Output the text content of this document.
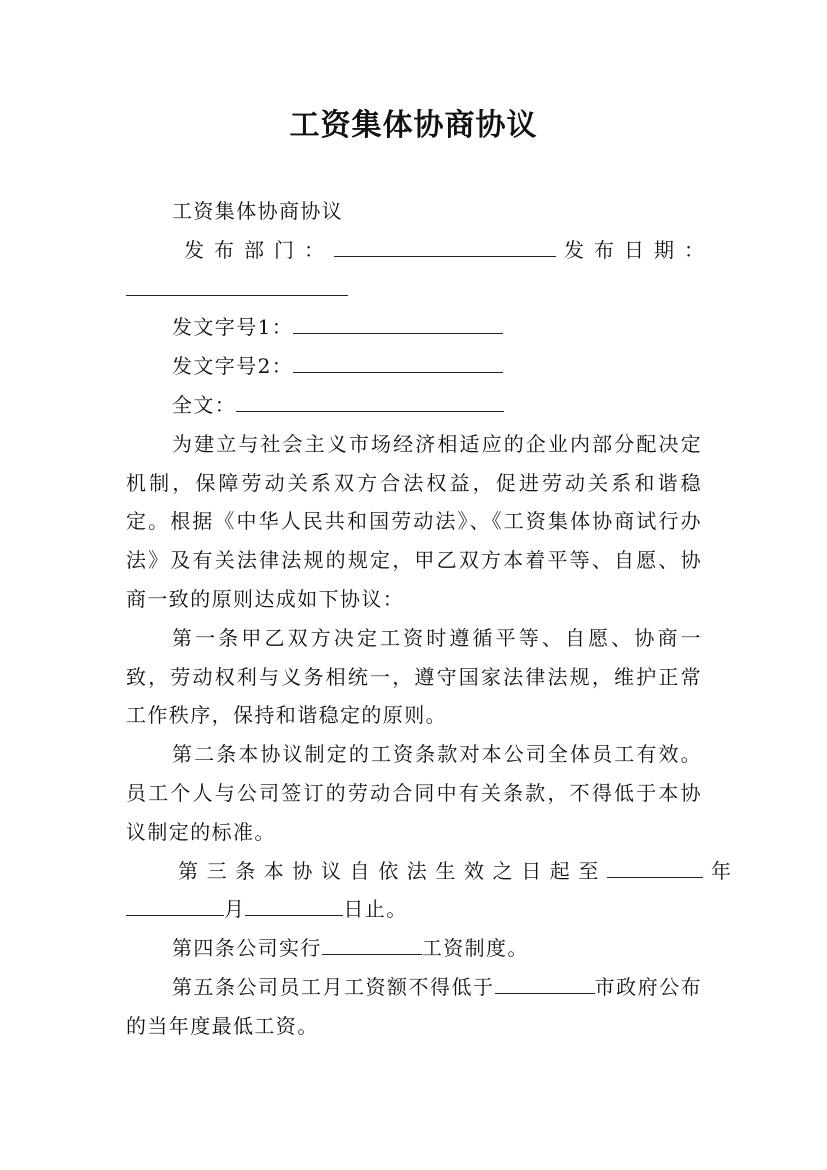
工资集体协商协议
工资集体协商协议
发布部门：	发布日期：
发文字号1：
发文字号2：
全文：
为建立与社会主义市场经济相适应的企业内部分配决定机制，保障劳动关系双方合法权益，促进劳动关系和谐稳定。根据《中华人民共和国劳动法》、《工资集体协商试行办法》及有关法律法规的规定，甲乙双方本着平等、自愿、协商一致的原则达成如下协议：
第一条甲乙双方决定工资时遵循平等、自愿、协商一致，劳动权利与义务相统一，遵守国家法律法规，维护正常工作秩序，保持和谐稳定的原则。
第二条本协议制定的工资条款对本公司全体员工有效。员工个人与公司签订的劳动合同中有关条款，不得低于本协议制定的标准。
第三条本协议自依法生效之日起至	年
月	日止。
第四条公司实行	工资制度。
第五条公司员工月工资额不得低于	市政府公布的当年度最低工资。
